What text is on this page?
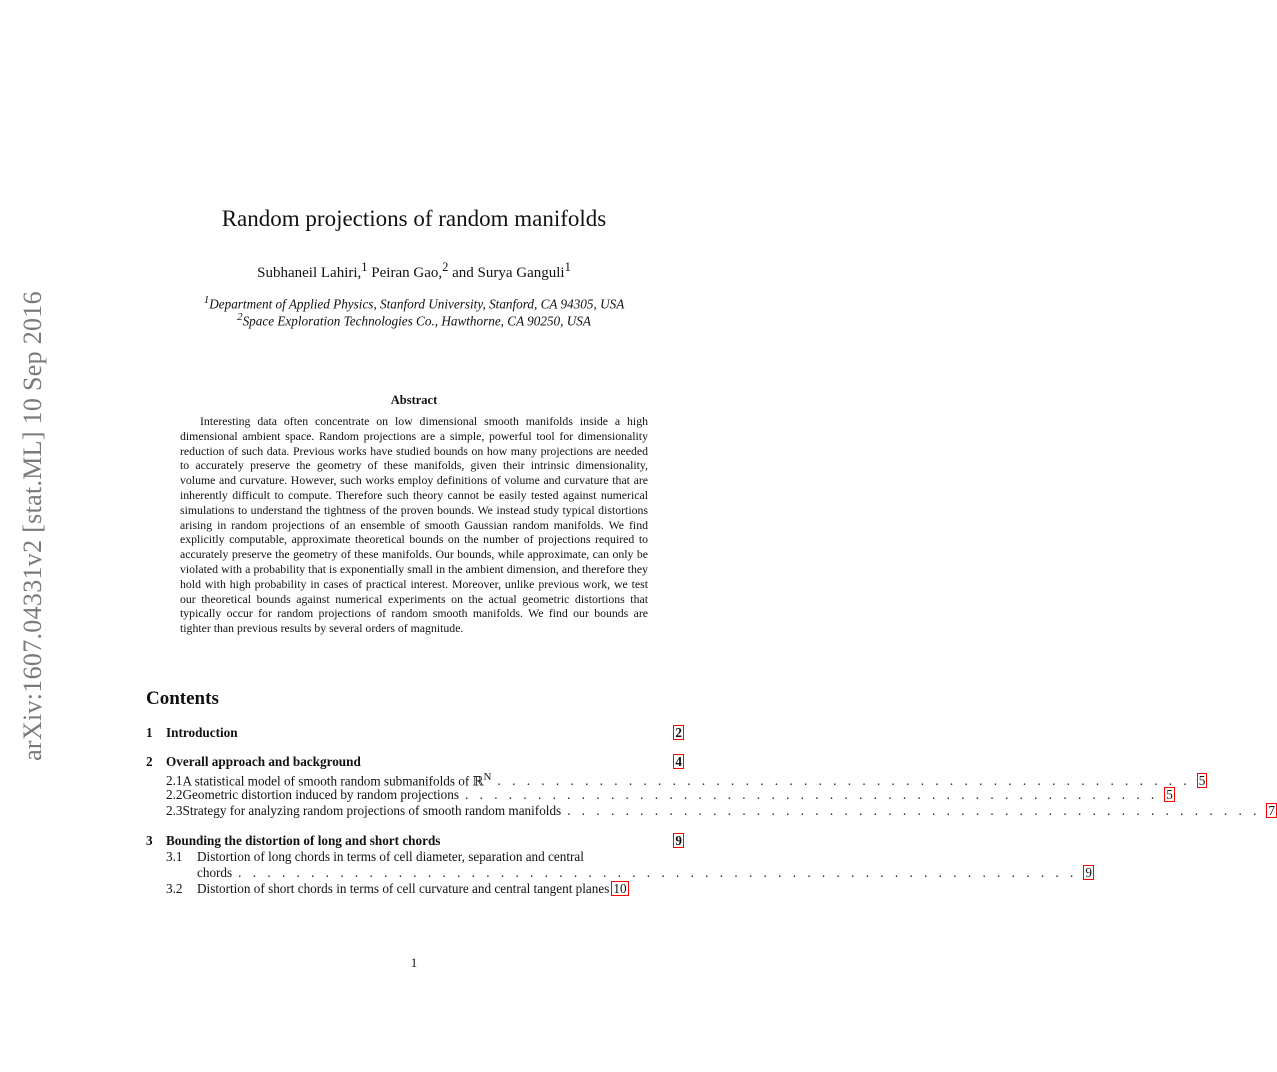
arXiv:1607.04331v2 [stat.ML] 10 Sep 2016
Random projections of random manifolds
Subhaneil Lahiri,$^1$ Peiran Gao,$^2$ and Surya Ganguli$^1$
$^1$Department of Applied Physics, Stanford University, Stanford, CA 94305, USA
$^2$Space Exploration Technologies Co., Hawthorne, CA 90250, USA
Abstract

Interesting data often concentrate on low dimensional smooth manifolds inside a high dimensional ambient space. Random projections are a simple, powerful tool for dimensionality reduction of such data. Previous works have studied bounds on how many projections are needed to accurately preserve the geometry of these manifolds, given their intrinsic dimensionality, volume and curvature. However, such works employ definitions of volume and curvature that are inherently difficult to compute. Therefore such theory cannot be easily tested against numerical simulations to understand the tightness of the proven bounds. We instead study typical distortions arising in random projections of an ensemble of smooth Gaussian random manifolds. We find explicitly computable, approximate theoretical bounds on the number of projections required to accurately preserve the geometry of these manifolds. Our bounds, while approximate, can only be violated with a probability that is exponentially small in the ambient dimension, and therefore they hold with high probability in cases of practical interest. Moreover, unlike previous work, we test our theoretical bounds against numerical experiments on the actual geometric distortions that typically occur for random projections of random smooth manifolds. We find our bounds are tighter than previous results by several orders of magnitude.

Contents
1	Introduction	2
2	Overall approach and background	4
2.1 A statistical model of smooth random submanifolds of ℝ$^N$ . . . . . . . . . . . . . . . . . . . . . . . . . . . . . . . . . . . . . . . . . . . . . . . . 5
2.2 Geometric distortion induced by random projections . . . . . . . . . . . . . . . . . . . . . . . . . . . . . . . . . . . . . . . . . . . . . . . . 5
2.3 Strategy for analyzing random projections of smooth random manifolds . . . . . . . . . . . . . . . . . . . . . . . . . . . . . . . . . . . . . . . . . . . . . . . . 7
3	Bounding the distortion of long and short chords	9
3.1	Distortion of long chords in terms of cell diameter, separation and central
chords . . . . . . . . . . . . . . . . . . . . . . . . . . . . . . . . . . . . . . . . . . . . . . . . . . . . . . . . . . 9
3.2	Distortion of short chords in terms of cell curvature and central tangent planes 10
1
